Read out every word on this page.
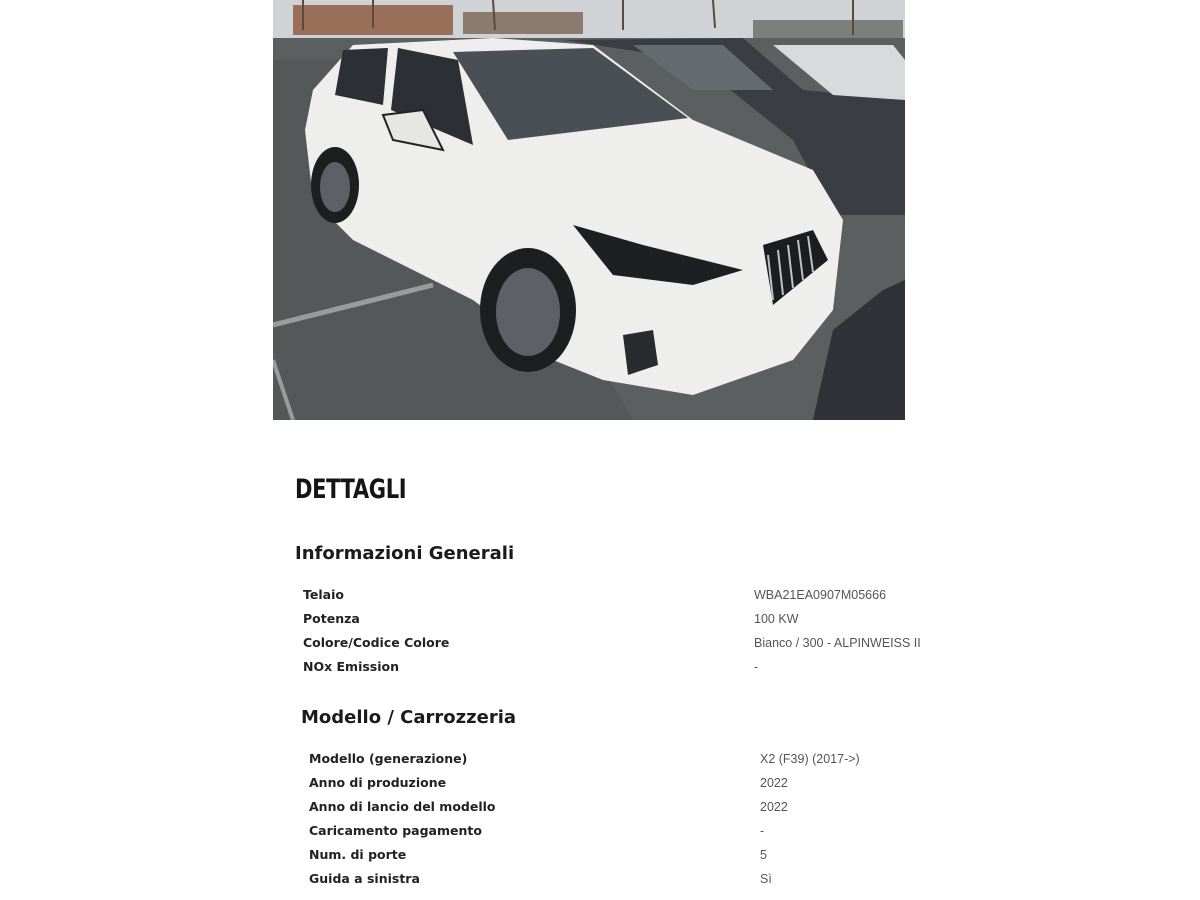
DETTAGLI
Informazioni Generali
Telaio	WBA21EA0907M05666
Potenza	100 KW
Colore/Codice Colore	Bianco / 300 - ALPINWEISS II
NOx Emission	-
Modello / Carrozzeria
Modello (generazione)	X2 (F39) (2017->)
Anno di produzione	2022
Anno di lancio del modello	2022
Caricamento pagamento	-
Num. di porte	5
Guida a sinistra	Sì
